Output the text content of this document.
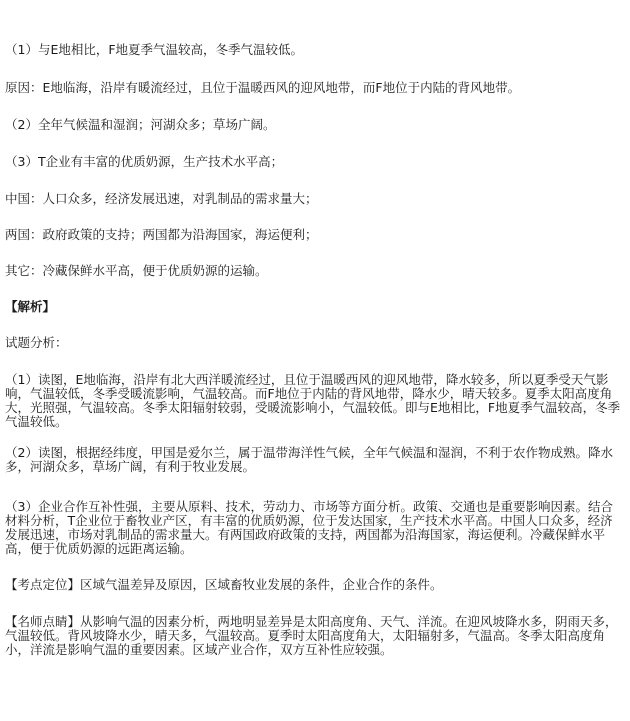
（1）与E地相比，F地夏季气温较高，冬季气温较低。

原因：E地临海，沿岸有暖流经过，且位于温暖西风的迎风地带，而F地位于内陆的背风地带。

（2）全年气候温和湿润；河湖众多；草场广阔。

（3）T企业有丰富的优质奶源，生产技术水平高；

中国：人口众多，经济发展迅速，对乳制品的需求量大；

两国：政府政策的支持；两国都为沿海国家，海运便利；

其它：冷藏保鲜水平高，便于优质奶源的运输。

【解析】

试题分析：

（1）读图，E地临海，沿岸有北大西洋暖流经过，且位于温暖西风的迎风地带，降水较多，所以夏季受天气影响，气温较低，冬季受暖流影响，气温较高。而F地位于内陆的背风地带，降水少，晴天较多。夏季太阳高度角大，光照强，气温较高。冬季太阳辐射较弱，受暖流影响小，气温较低。即与E地相比，F地夏季气温较高，冬季气温较低。

（2）读图，根据经纬度，甲国是爱尔兰，属于温带海洋性气候，全年气候温和湿润，不利于农作物成熟。降水多，河湖众多，草场广阔，有利于牧业发展。

（3）企业合作互补性强，主要从原料、技术，劳动力、市场等方面分析。政策、交通也是重要影响因素。结合材料分析，T企业位于畜牧业产区，有丰富的优质奶源，位于发达国家，生产技术水平高。中国人口众多，经济发展迅速，市场对乳制品的需求量大。有两国政府政策的支持，两国都为沿海国家，海运便利。冷藏保鲜水平高，便于优质奶源的远距离运输。

【考点定位】区域气温差异及原因，区域畜牧业发展的条件，企业合作的条件。

【名师点睛】从影响气温的因素分析，两地明显差异是太阳高度角、天气、洋流。在迎风坡降水多，阴雨天多，气温较低。背风坡降水少，晴天多，气温较高。夏季时太阳高度角大，太阳辐射多，气温高。冬季太阳高度角小，洋流是影响气温的重要因素。区域产业合作，双方互补性应较强。
